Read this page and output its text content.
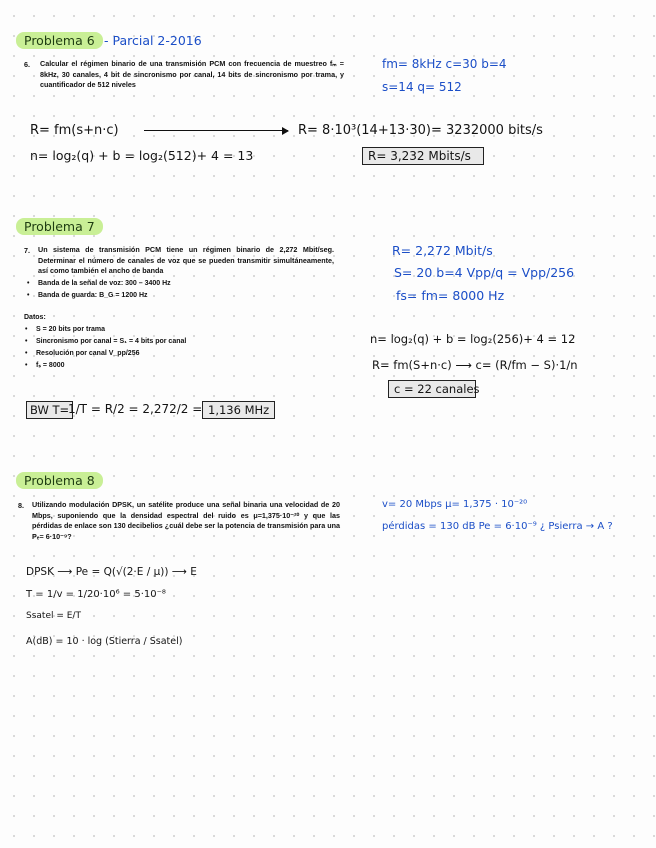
Problema 6 - Parcial 2-2016
6. Calcular el régimen binario de una transmisión PCM con frecuencia de muestreo fₘ = 8kHz, 30 canales, 4 bit de sincronismo por canal, 14 bits de sincronismo por trama, y cuantificador de 512 niveles
fm= 8kHz c=30 b=4
s=14 q= 512
R= fm(s+n·c)	R= 8·10³(14+13·30)= 3232000 bits/s
n= log₂(q) + b = log₂(512)+ 4 = 13	R= 3,232 Mbits/s
Problema 7
7. Un sistema de transmisión PCM tiene un régimen binario de 2,272 Mbit/seg. Determinar el número de canales de voz que se pueden transmitir simultáneamente, así como también el ancho de banda
• Banda de la señal de voz: 300 – 3400 Hz
• Banda de guarda: B_G = 1200 Hz
Datos:
• S = 20 bits por trama
• Sincronismo por canal = S₁ = 4 bits por canal
• Resolución por canal V_pp/256
• fₛ = 8000
R= 2,272 Mbit/s
S= 20 b=4 Vpp/q = Vpp/256
fs= fm= 8000 Hz
n= log₂(q) + b = log₂(256)+ 4 = 12
R= fm(S+n·c) ⟶ c= (R/fm − S)·1/n
c = 22 canales
BW T=
1/T = R/2 = 2,272/2 = 1,136 MHz
Problema 8
8. Utilizando modulación DPSK, un satélite produce una señal binaria una velocidad de 20 Mbps, suponiendo que la densidad espectral del ruido es μ=1,375·10⁻²⁰ y que las pérdidas de enlace son 130 decibelios ¿cuál debe ser la potencia de transmisión para una Pₑ= 6·10⁻⁹?
v= 20 Mbps μ= 1,375 · 10⁻²⁰
pérdidas = 130 dB Pe = 6·10⁻⁹ ¿ Psierra → A ?
DPSK ⟶ Pe = Q(√(2·E / μ)) ⟶ E
T = 1/v = 1/20·10⁶ = 5·10⁻⁸
Ssatel = E/T
A(dB) = 10 · log (Stierra / Ssatel)
